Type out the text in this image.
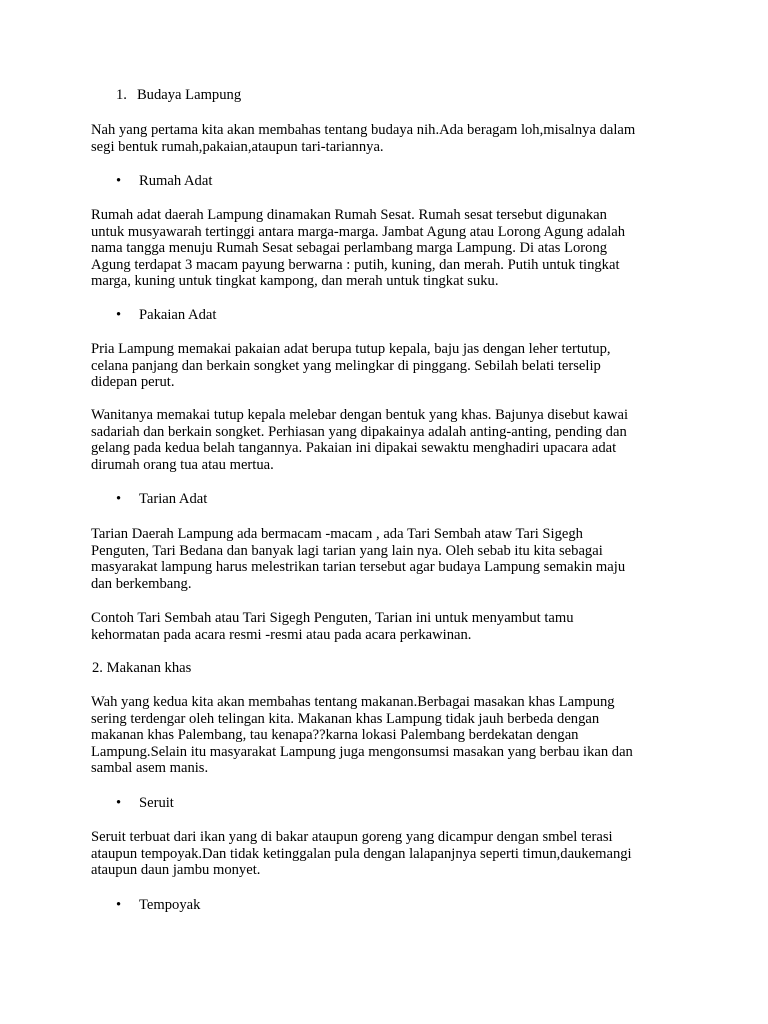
1. Budaya Lampung

Nah yang pertama kita akan membahas tentang budaya nih.Ada beragam loh,misalnya dalam
segi bentuk rumah,pakaian,ataupun tari-tariannya.

• Rumah Adat

Rumah adat daerah Lampung dinamakan Rumah Sesat. Rumah sesat tersebut digunakan
untuk musyawarah tertinggi antara marga-marga. Jambat Agung atau Lorong Agung adalah
nama tangga menuju Rumah Sesat sebagai perlambang marga Lampung. Di atas Lorong
Agung terdapat 3 macam payung berwarna : putih, kuning, dan merah. Putih untuk tingkat
marga, kuning untuk tingkat kampong, dan merah untuk tingkat suku.

• Pakaian Adat

Pria Lampung memakai pakaian adat berupa tutup kepala, baju jas dengan leher tertutup,
celana panjang dan berkain songket yang melingkar di pinggang. Sebilah belati terselip
didepan perut.

Wanitanya memakai tutup kepala melebar dengan bentuk yang khas. Bajunya disebut kawai
sadariah dan berkain songket. Perhiasan yang dipakainya adalah anting-anting, pending dan
gelang pada kedua belah tangannya. Pakaian ini dipakai sewaktu menghadiri upacara adat
dirumah orang tua atau mertua.

• Tarian Adat

Tarian Daerah Lampung ada bermacam -macam , ada Tari Sembah ataw Tari Sigegh
Penguten, Tari Bedana dan banyak lagi tarian yang lain nya. Oleh sebab itu kita sebagai
masyarakat lampung harus melestrikan tarian tersebut agar budaya Lampung semakin maju
dan berkembang.

Contoh Tari Sembah atau Tari Sigegh Penguten, Tarian ini untuk menyambut tamu
kehormatan pada acara resmi -resmi atau pada acara perkawinan.

2. Makanan khas

Wah yang kedua kita akan membahas tentang makanan.Berbagai masakan khas Lampung
sering terdengar oleh telingan kita. Makanan khas Lampung tidak jauh berbeda dengan
makanan khas Palembang, tau kenapa??karna lokasi Palembang berdekatan dengan
Lampung.Selain itu masyarakat Lampung juga mengonsumsi masakan yang berbau ikan dan
sambal asem manis.

• Seruit

Seruit terbuat dari ikan yang di bakar ataupun goreng yang dicampur dengan smbel terasi
ataupun tempoyak.Dan tidak ketinggalan pula dengan lalapanjnya seperti timun,daukemangi
ataupun daun jambu monyet.

• Tempoyak
